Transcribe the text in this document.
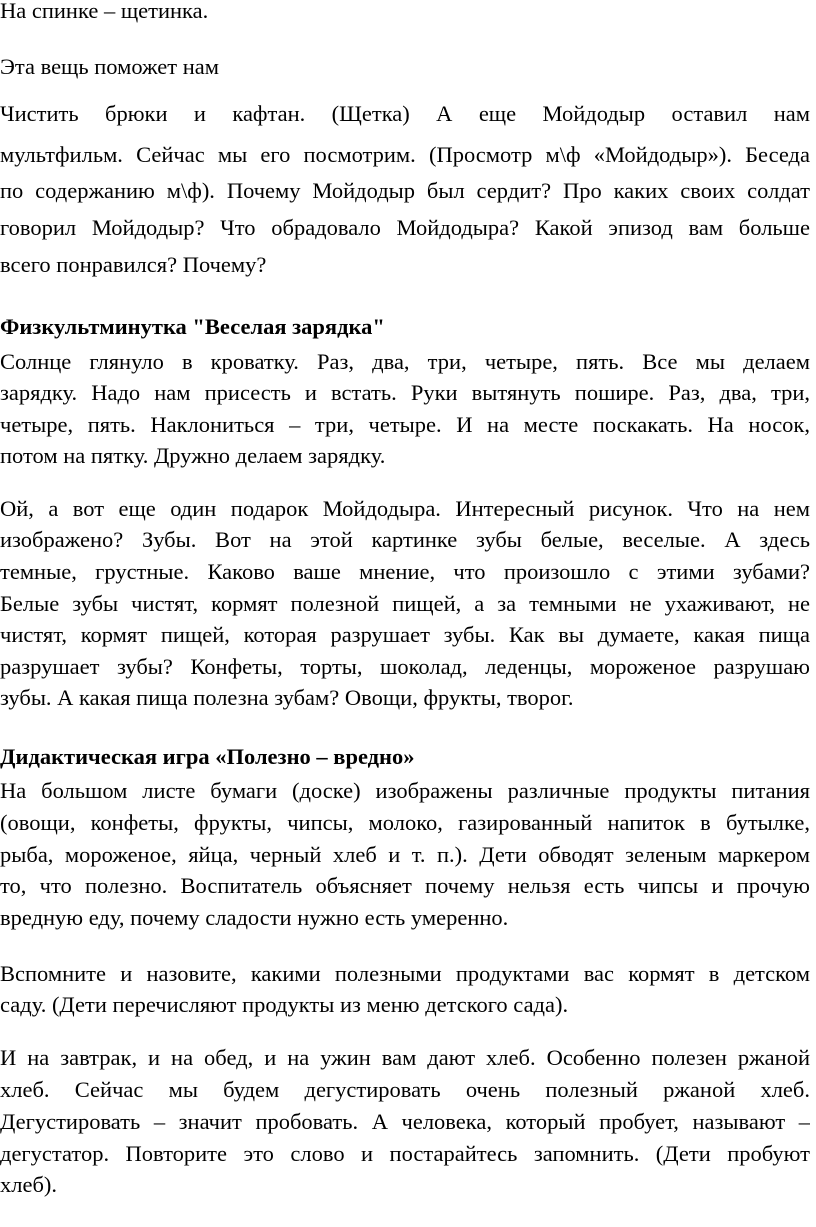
На спинке – щетинка.
Эта вещь поможет нам
Чистить брюки и кафтан. (Щетка) А еще Мойдодыр оставил нам
мультфильм. Сейчас мы его посмотрим. (Просмотр м\ф «Мойдодыр»). Беседа
по содержанию м\ф). Почему Мойдодыр был сердит? Про каких своих солдат
говорил Мойдодыр? Что обрадовало Мойдодыра? Какой эпизод вам больше
всего понравился? Почему?
Физкультминутка "Веселая зарядка"
Солнце глянуло в кроватку. Раз, два, три, четыре, пять. Все мы делаем
зарядку. Надо нам присесть и встать. Руки вытянуть пошире. Раз, два, три,
четыре, пять. Наклониться – три, четыре. И на месте поскакать. На носок,
потом на пятку. Дружно делаем зарядку.
Ой, а вот еще один подарок Мойдодыра. Интересный рисунок. Что на нем
изображено? Зубы. Вот на этой картинке зубы белые, веселые. А здесь
темные, грустные. Каково ваше мнение, что произошло с этими зубами?
Белые зубы чистят, кормят полезной пищей, а за темными не ухаживают, не
чистят, кормят пищей, которая разрушает зубы. Как вы думаете, какая пища
разрушает зубы? Конфеты, торты, шоколад, леденцы, мороженое разрушаю
зубы. А какая пища полезна зубам? Овощи, фрукты, творог.
Дидактическая игра «Полезно – вредно»
На большом листе бумаги (доске) изображены различные продукты питания
(овощи, конфеты, фрукты, чипсы, молоко, газированный напиток в бутылке,
рыба, мороженое, яйца, черный хлеб и т. п.). Дети обводят зеленым маркером
то, что полезно. Воспитатель объясняет почему нельзя есть чипсы и прочую
вредную еду, почему сладости нужно есть умеренно.
Вспомните и назовите, какими полезными продуктами вас кормят в детском
саду. (Дети перечисляют продукты из меню детского сада).
И на завтрак, и на обед, и на ужин вам дают хлеб. Особенно полезен ржаной
хлеб. Сейчас мы будем дегустировать очень полезный ржаной хлеб.
Дегустировать – значит пробовать. А человека, который пробует, называют –
дегустатор. Повторите это слово и постарайтесь запомнить. (Дети пробуют
хлеб).
